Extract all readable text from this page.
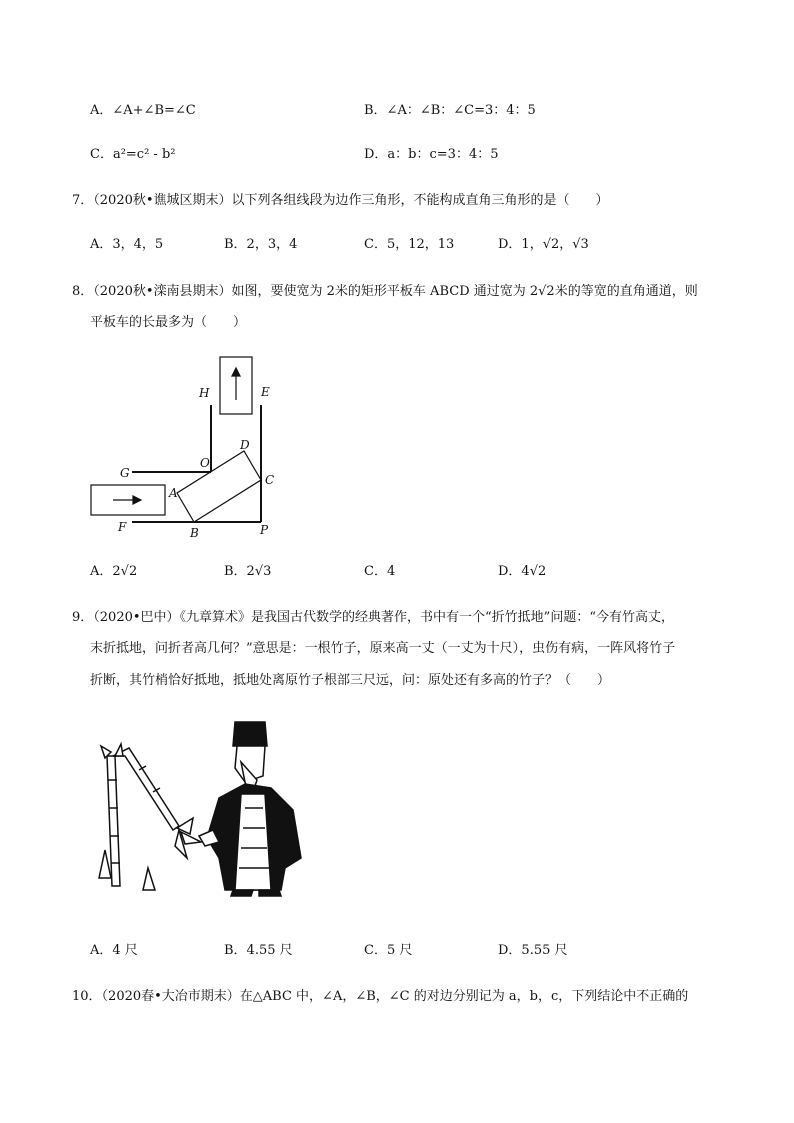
A．∠A+∠B=∠C	B．∠A：∠B：∠C=3：4：5
C．a²=c² - b²	D．a：b：c=3：4：5
7．（2020秋•谯城区期末）以下列各组线段为边作三角形，不能构成直角三角形的是（　　）
A．3，4，5	B．2，3，4	C．5，12，13	D．1，√2，√3
8．（2020秋•滦南县期末）如图，要使宽为 2米的矩形平板车 ABCD 通过宽为 2√2米的等宽的直角通道，则
平板车的长最多为（　　）
H	E
D
O
G	C
A
F	B	P
A．2√2	B．2√3	C．4	D．4√2
9．（2020•巴中）《九章算术》是我国古代数学的经典著作，书中有一个“折竹抵地”问题：“今有竹高丈，
末折抵地，问折者高几何？”意思是：一根竹子，原来高一丈（一丈为十尺），虫伤有病，一阵风将竹子
折断，其竹梢恰好抵地，抵地处离原竹子根部三尺远，问：原处还有多高的竹子？（　　）
A．4 尺	B．4.55 尺	C．5 尺	D．5.55 尺
10．（2020春•大冶市期末）在△ABC 中，∠A，∠B，∠C 的对边分别记为 a，b，c，下列结论中不正确的
